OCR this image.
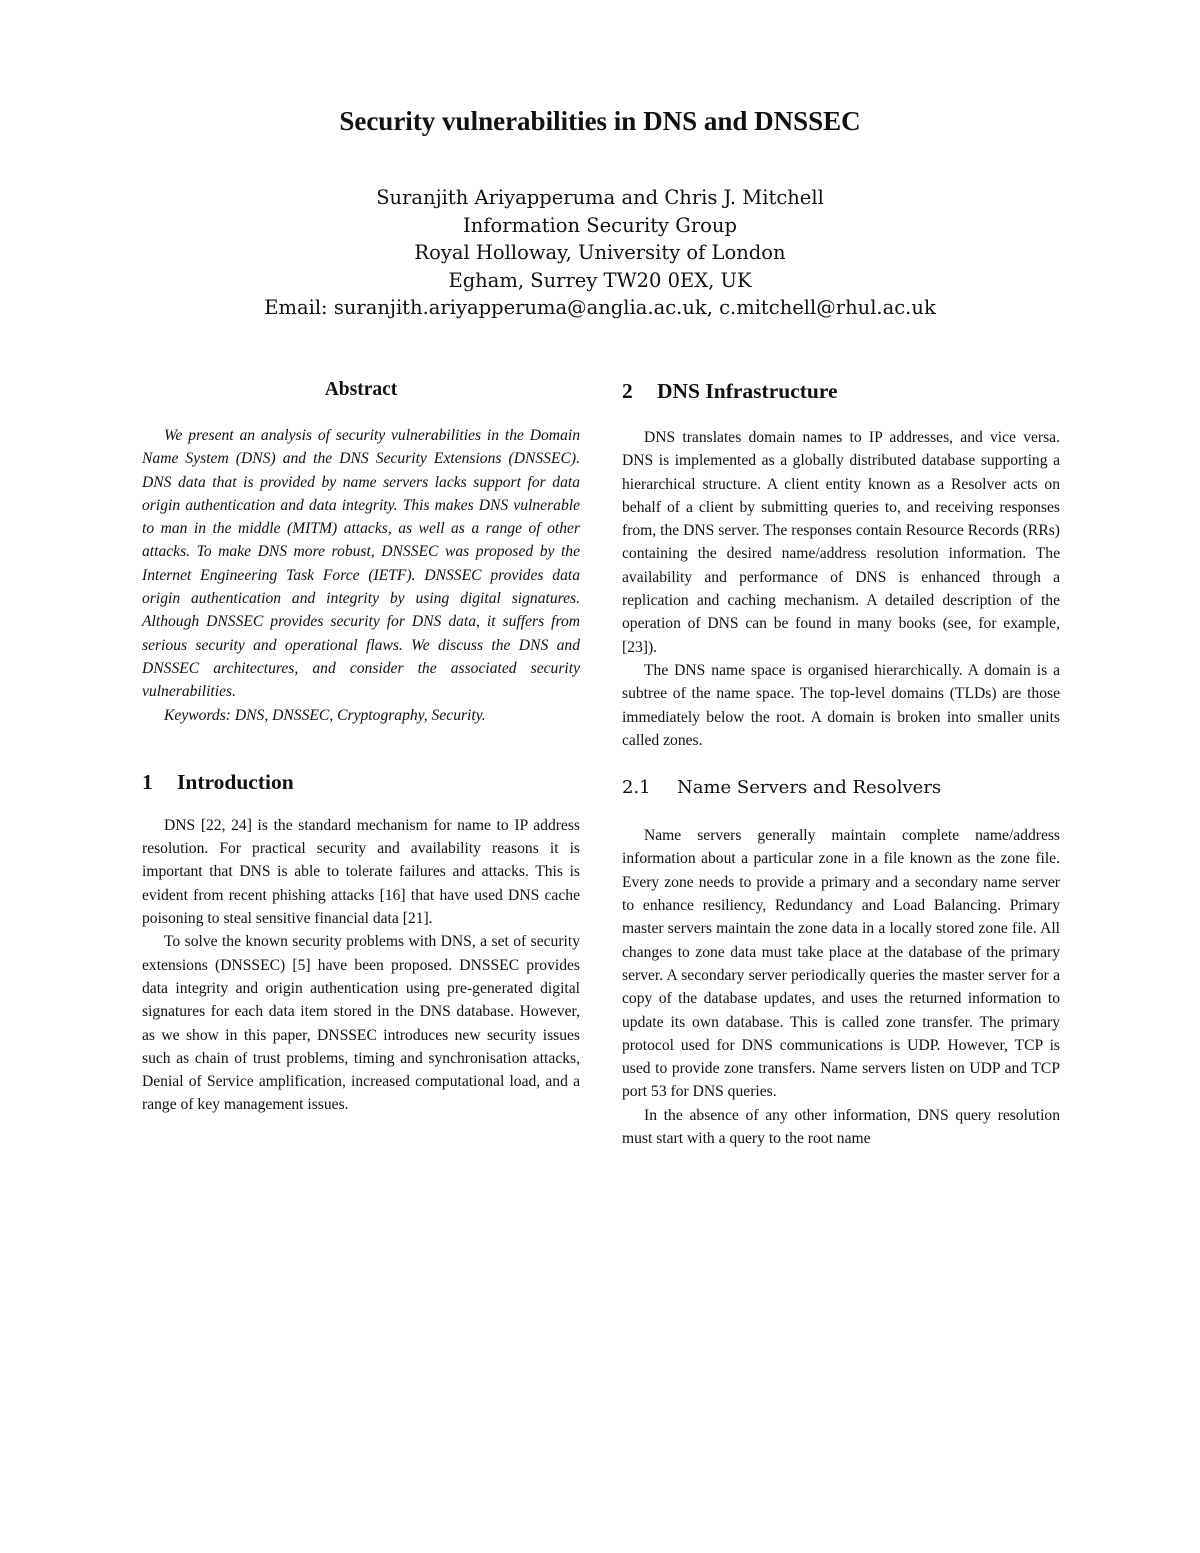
Security vulnerabilities in DNS and DNSSEC
Suranjith Ariyapperuma and Chris J. Mitchell
Information Security Group
Royal Holloway, University of London
Egham, Surrey TW20 0EX, UK
Email: suranjith.ariyapperuma@anglia.ac.uk, c.mitchell@rhul.ac.uk
Abstract

We present an analysis of security vulnerabilities in the Domain Name System (DNS) and the DNS Security Extensions (DNSSEC). DNS data that is provided by name servers lacks support for data origin authentication and data integrity. This makes DNS vulnerable to man in the middle (MITM) attacks, as well as a range of other attacks. To make DNS more robust, DNSSEC was proposed by the Internet Engineering Task Force (IETF). DNSSEC provides data origin authentication and integrity by using digital signatures. Although DNSSEC provides security for DNS data, it suffers from serious security and operational flaws. We discuss the DNS and DNSSEC architectures, and consider the associated security vulnerabilities.

Keywords: DNS, DNSSEC, Cryptography, Security.

1 Introduction

DNS [22, 24] is the standard mechanism for name to IP address resolution. For practical security and availability reasons it is important that DNS is able to tolerate failures and attacks. This is evident from recent phishing attacks [16] that have used DNS cache poisoning to steal sensitive financial data [21].

To solve the known security problems with DNS, a set of security extensions (DNSSEC) [5] have been proposed. DNSSEC provides data integrity and origin authentication using pre-generated digital signatures for each data item stored in the DNS database. However, as we show in this paper, DNSSEC introduces new security issues such as chain of trust problems, timing and synchronisation attacks, Denial of Service amplification, increased computational load, and a range of key management issues.

2 DNS Infrastructure

DNS translates domain names to IP addresses, and vice versa. DNS is implemented as a globally distributed database supporting a hierarchical structure. A client entity known as a Resolver acts on behalf of a client by submitting queries to, and receiving responses from, the DNS server. The responses contain Resource Records (RRs) containing the desired name/address resolution information. The availability and performance of DNS is enhanced through a replication and caching mechanism. A detailed description of the operation of DNS can be found in many books (see, for example, [23]).

The DNS name space is organised hierarchically. A domain is a subtree of the name space. The top-level domains (TLDs) are those immediately below the root. A domain is broken into smaller units called zones.

2.1 Name Servers and Resolvers

Name servers generally maintain complete name/address information about a particular zone in a file known as the zone file. Every zone needs to provide a primary and a secondary name server to enhance resiliency, Redundancy and Load Balancing. Primary master servers maintain the zone data in a locally stored zone file. All changes to zone data must take place at the database of the primary server. A secondary server periodically queries the master server for a copy of the database updates, and uses the returned information to update its own database. This is called zone transfer. The primary protocol used for DNS communications is UDP. However, TCP is used to provide zone transfers. Name servers listen on UDP and TCP port 53 for DNS queries.

In the absence of any other information, DNS query resolution must start with a query to the root name
